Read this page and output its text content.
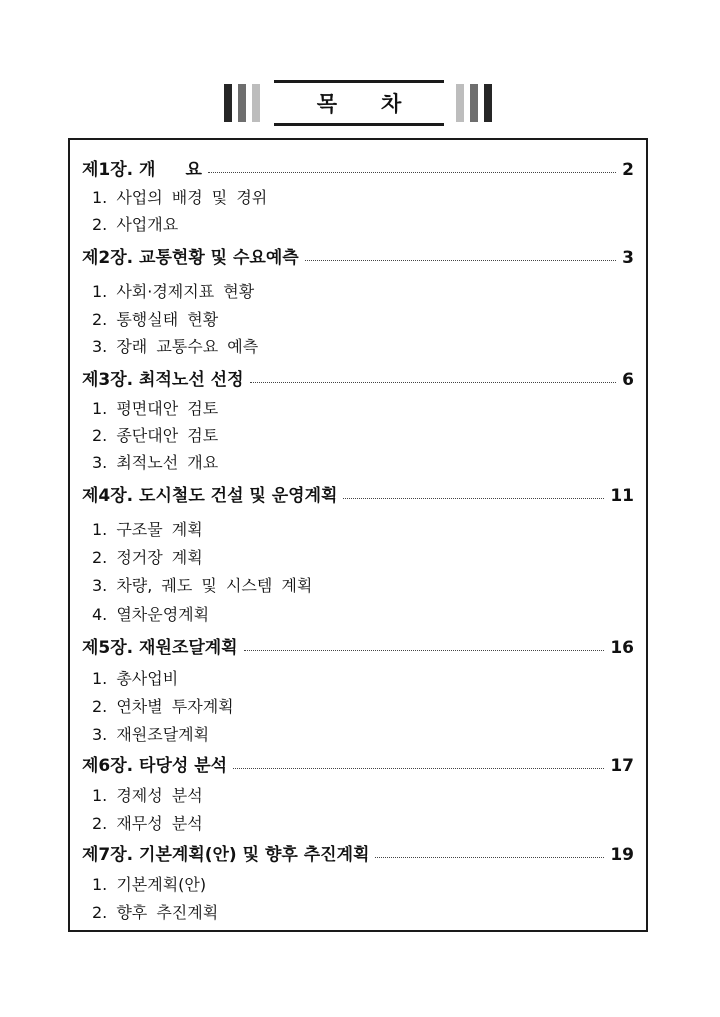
목 차
제1장. 개 요	2
1. 사업의 배경 및 경위
2. 사업개요
제2장. 교통현황 및 수요예측	3
1. 사회·경제지표 현황
2. 통행실태 현황
3. 장래 교통수요 예측
제3장. 최적노선 선정	6
1. 평면대안 검토
2. 종단대안 검토
3. 최적노선 개요
제4장. 도시철도 건설 및 운영계획	11
1. 구조물 계획
2. 정거장 계획
3. 차량, 궤도 및 시스템 계획
4. 열차운영계획
제5장. 재원조달계획	16
1. 총사업비
2. 연차별 투자계획
3. 재원조달계획
제6장. 타당성 분석	17
1. 경제성 분석
2. 재무성 분석
제7장. 기본계획(안) 및 향후 추진계획	19
1. 기본계획(안)
2. 향후 추진계획
